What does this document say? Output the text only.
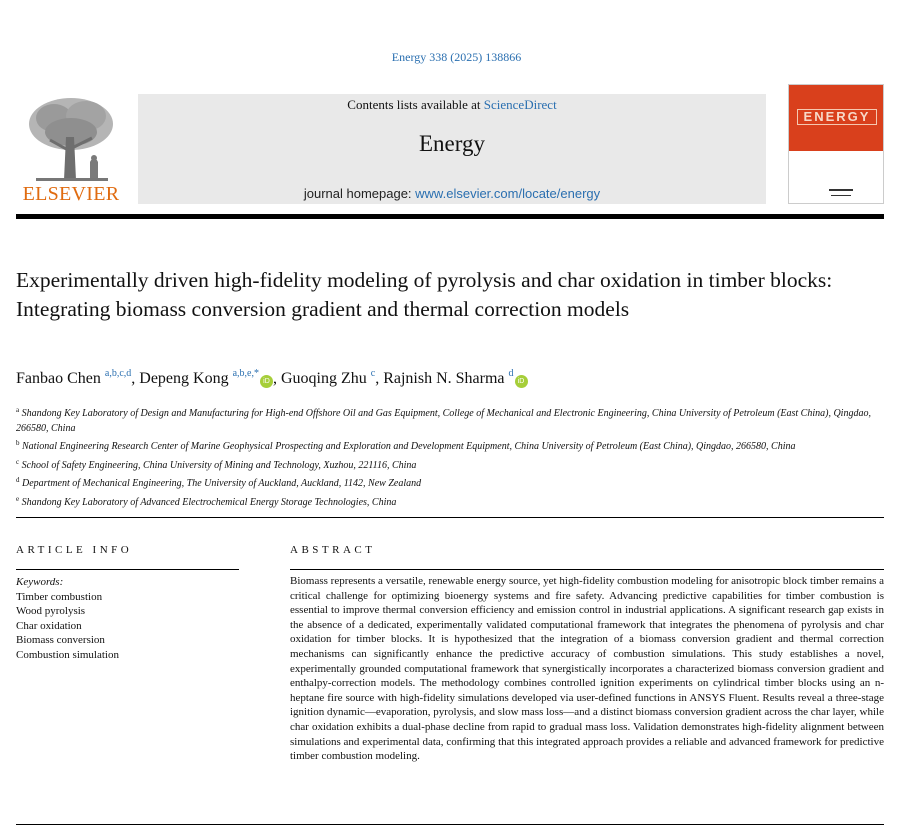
Energy 338 (2025) 138866
ELSEVIER
Contents lists available at ScienceDirect
Energy
journal homepage: www.elsevier.com/locate/energy
ENERGY
Experimentally driven high-fidelity modeling of pyrolysis and char oxidation in timber blocks: Integrating biomass conversion gradient and thermal correction models
Fanbao Chen $^{a,b,c,d}$, Depeng Kong $^{a,b,e,*}$iD , Guoqing Zhu $^c$, Rajnish N. Sharma $^d$iD
$^a$ Shandong Key Laboratory of Design and Manufacturing for High-end Offshore Oil and Gas Equipment, College of Mechanical and Electronic Engineering, China University of Petroleum (East China), Qingdao, 266580, China
$^b$ National Engineering Research Center of Marine Geophysical Prospecting and Exploration and Development Equipment, China University of Petroleum (East China), Qingdao, 266580, China
$^c$ School of Safety Engineering, China University of Mining and Technology, Xuzhou, 221116, China
$^d$ Department of Mechanical Engineering, The University of Auckland, Auckland, 1142, New Zealand
$^e$ Shandong Key Laboratory of Advanced Electrochemical Energy Storage Technologies, China
ARTICLE INFO
Keywords:
Timber combustion
Wood pyrolysis
Char oxidation
Biomass conversion
Combustion simulation
ABSTRACT

Biomass represents a versatile, renewable energy source, yet high-fidelity combustion modeling for anisotropic block timber remains a critical challenge for optimizing bioenergy systems and fire safety. Advancing predictive capabilities for timber combustion is essential to improve thermal conversion efficiency and emission control in industrial applications. A significant research gap exists in the absence of a dedicated, experimentally validated computational framework that integrates the phenomena of pyrolysis and char oxidation for timber blocks. It is hypothesized that the integration of a biomass conversion gradient and thermal correction mechanisms can significantly enhance the predictive accuracy of combustion simulations. This study establishes a novel, experimentally grounded computational framework that synergistically incorporates a characterized biomass conversion gradient and enthalpy-correction models. The methodology combines controlled ignition experiments on cylindrical timber blocks using an n-heptane fire source with high-fidelity simulations developed via user-defined functions in ANSYS Fluent. Results reveal a three-stage ignition dynamic—evaporation, pyrolysis, and slow mass loss—and a distinct biomass conversion gradient across the char layer, while char oxidation exhibits a dual-phase decline from rapid to gradual mass loss. Validation demonstrates high-fidelity alignment between simulations and experimental data, confirming that this integrated approach provides a reliable and advanced framework for predictive timber combustion modeling.
